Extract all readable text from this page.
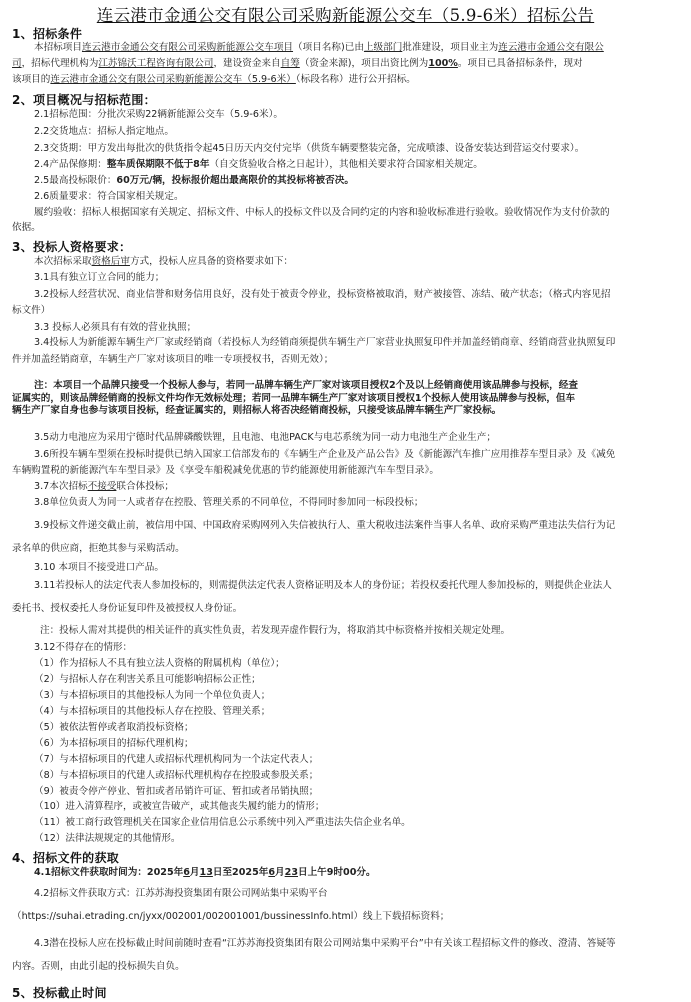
连云港市金通公交有限公司采购新能源公交车（5.9-6米）招标公告
1、招标条件
本招标项目连云港市金通公交有限公司采购新能源公交车项目（项目名称)已由上级部门批准建设，项目业主为连云港市金通公交有限公
司，招标代理机构为江苏锦沃工程咨询有限公司，建设资金来自自筹（资金来源)，项目出资比例为100%。项目已具备招标条件，现对
该项目的连云港市金通公交有限公司采购新能源公交车（5.9-6米）（标段名称）进行公开招标。
2、项目概况与招标范围：
2.1招标范围：分批次采购22辆新能源公交车（5.9-6米）。
2.2交货地点：招标人指定地点。
2.3交货期：甲方发出每批次的供货指令起45日历天内交付完毕（供货车辆要整装完备，完成喷漆、设备安装达到营运交付要求）。
2.4产品保修期：整车质保期限不低于8年（自交货验收合格之日起计），其他相关要求符合国家相关规定。
2.5最高投标限价：60万元/辆，投标报价超出最高限价的其投标将被否决。
2.6质量要求：符合国家相关规定。
履约验收：招标人根据国家有关规定、招标文件、中标人的投标文件以及合同约定的内容和验收标准进行验收。验收情况作为支付价款的
依据。
3、投标人资格要求：
本次招标采取资格后审方式，投标人应具备的资格要求如下：
3.1具有独立订立合同的能力；
3.2投标人经营状况、商业信誉和财务信用良好，没有处于被责令停业，投标资格被取消，财产被接管、冻结、破产状态；（格式内容见招
标文件）
3.3 投标人必须具有有效的营业执照；
3.4投标人为新能源车辆生产厂家或经销商（若投标人为经销商须提供车辆生产厂家营业执照复印件并加盖经销商章、经销商营业执照复印
件并加盖经销商章，车辆生产厂家对该项目的唯一专项授权书，否则无效）；
注：本项目一个品牌只接受一个投标人参与，若同一品牌车辆生产厂家对该项目授权2个及以上经销商使用该品牌参与投标，经查
证属实的，则该品牌经销商的投标文件均作无效标处理；若同一品牌车辆生产厂家对该项目授权1个投标人使用该品牌参与投标，但车
辆生产厂家自身也参与该项目投标，经查证属实的，则招标人将否决经销商投标，只接受该品牌车辆生产厂家投标。
3.5动力电池应为采用宁德时代品牌磷酸铁锂，且电池、电池PACK与电芯系统为同一动力电池生产企业生产；
3.6所投车辆车型须在投标时提供已纳入国家工信部发布的《车辆生产企业及产品公告》及《新能源汽车推广应用推荐车型目录》及《减免
车辆购置税的新能源汽车车型目录》及《享受车船税减免优惠的节约能源使用新能源汽车车型目录》。
3.7本次招标不接受联合体投标；
3.8单位负责人为同一人或者存在控股、管理关系的不同单位，不得同时参加同一标段投标；
3.9投标文件递交截止前，被信用中国、中国政府采购网列入失信被执行人、重大税收违法案件当事人名单、政府采购严重违法失信行为记
录名单的供应商，拒绝其参与采购活动。
3.10 本项目不接受进口产品。
3.11若投标人的法定代表人参加投标的，则需提供法定代表人资格证明及本人的身份证；若投权委托代理人参加投标的，则提供企业法人
委托书、授权委托人身份证复印件及被授权人身份证。
注：投标人需对其提供的相关证件的真实性负责，若发现弄虚作假行为，将取消其中标资格并按相关规定处理。
3.12不得存在的情形：
（1）作为招标人不具有独立法人资格的附属机构（单位）；
（2）与招标人存在利害关系且可能影响招标公正性；
（3）与本招标项目的其他投标人为同一个单位负责人；
（4）与本招标项目的其他投标人存在控股、管理关系；
（5）被依法暂停或者取消投标资格；
（6）为本招标项目的招标代理机构；
（7）与本招标项目的代建人或招标代理机构同为一个法定代表人；
（8）与本招标项目的代建人或招标代理机构存在控股或参股关系；
（9）被责令停产停业、暂扣或者吊销许可证、暂扣或者吊销执照；
（10）进入清算程序，或被宣告破产，或其他丧失履约能力的情形；
（11）被工商行政管理机关在国家企业信用信息公示系统中列入严重违法失信企业名单。
（12）法律法规规定的其他情形。
4、招标文件的获取
4.1招标文件获取时间为：2025年6月13日至2025年6月23日上午9时00分。
4.2招标文件获取方式：江苏苏海投资集团有限公司网站集中采购平台
（https://suhai.etrading.cn/jyxx/002001/002001001/bussinessInfo.html）线上下载招标资料；
4.3潜在投标人应在投标截止时间前随时查看“江苏苏海投资集团有限公司网站集中采购平台”中有关该工程招标文件的修改、澄清、答疑等
内容。否则，由此引起的投标损失自负。
5、投标截止时间
